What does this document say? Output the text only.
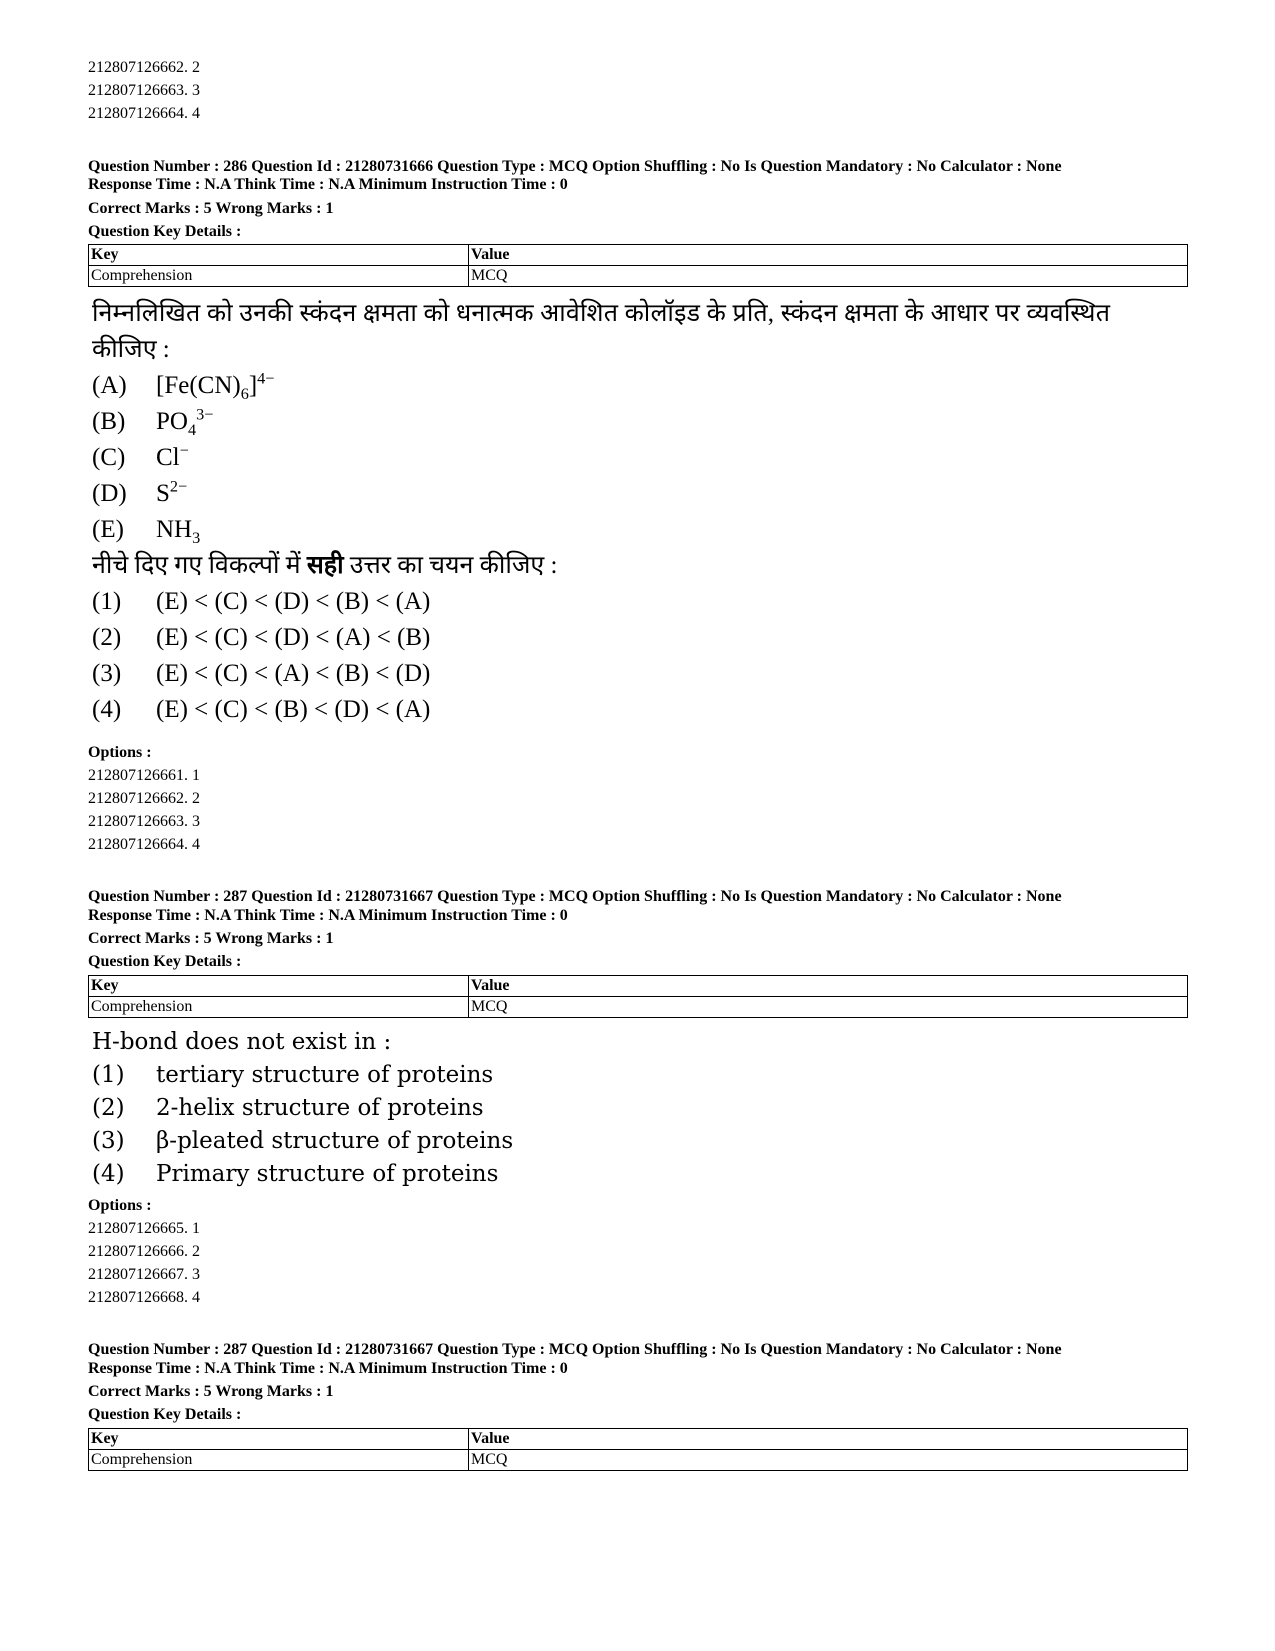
212807126662. 2
212807126663. 3
212807126664. 4
Question Number : 286 Question Id : 21280731666 Question Type : MCQ Option Shuffling : No Is Question Mandatory : No Calculator : None
Response Time : N.A Think Time : N.A Minimum Instruction Time : 0
Correct Marks : 5 Wrong Marks : 1
Question Key Details :
Key	Value
Comprehension	MCQ
निम्नलिखित को उनकी स्कंदन क्षमता को धनात्मक आवेशित कोलॉइड के प्रति, स्कंदन क्षमता के आधार पर व्यवस्थित
कीजिए :
(A) $[Fe(CN)_6]^{4-}$
(B) $PO_4^{3-}$
(C) Cl−
(D) $S^{2-}$
(E) $NH_3$
नीचे दिए गए विकल्पों में सही उत्तर का चयन कीजिए :
(1) (E) < (C) < (D) < (B) < (A)
(2) (E) < (C) < (D) < (A) < (B)
(3) (E) < (C) < (A) < (B) < (D)
(4) (E) < (C) < (B) < (D) < (A)
Options :
212807126661. 1
212807126662. 2
212807126663. 3
212807126664. 4
Question Number : 287 Question Id : 21280731667 Question Type : MCQ Option Shuffling : No Is Question Mandatory : No Calculator : None
Response Time : N.A Think Time : N.A Minimum Instruction Time : 0
Correct Marks : 5 Wrong Marks : 1
Question Key Details :
Key	Value
Comprehension	MCQ
H-bond does not exist in :
(1) tertiary structure of proteins
(2) 2-helix structure of proteins
(3) β-pleated structure of proteins
(4) Primary structure of proteins
Options :
212807126665. 1
212807126666. 2
212807126667. 3
212807126668. 4
Question Number : 287 Question Id : 21280731667 Question Type : MCQ Option Shuffling : No Is Question Mandatory : No Calculator : None
Response Time : N.A Think Time : N.A Minimum Instruction Time : 0
Correct Marks : 5 Wrong Marks : 1
Question Key Details :
Key	Value
Comprehension	MCQ
